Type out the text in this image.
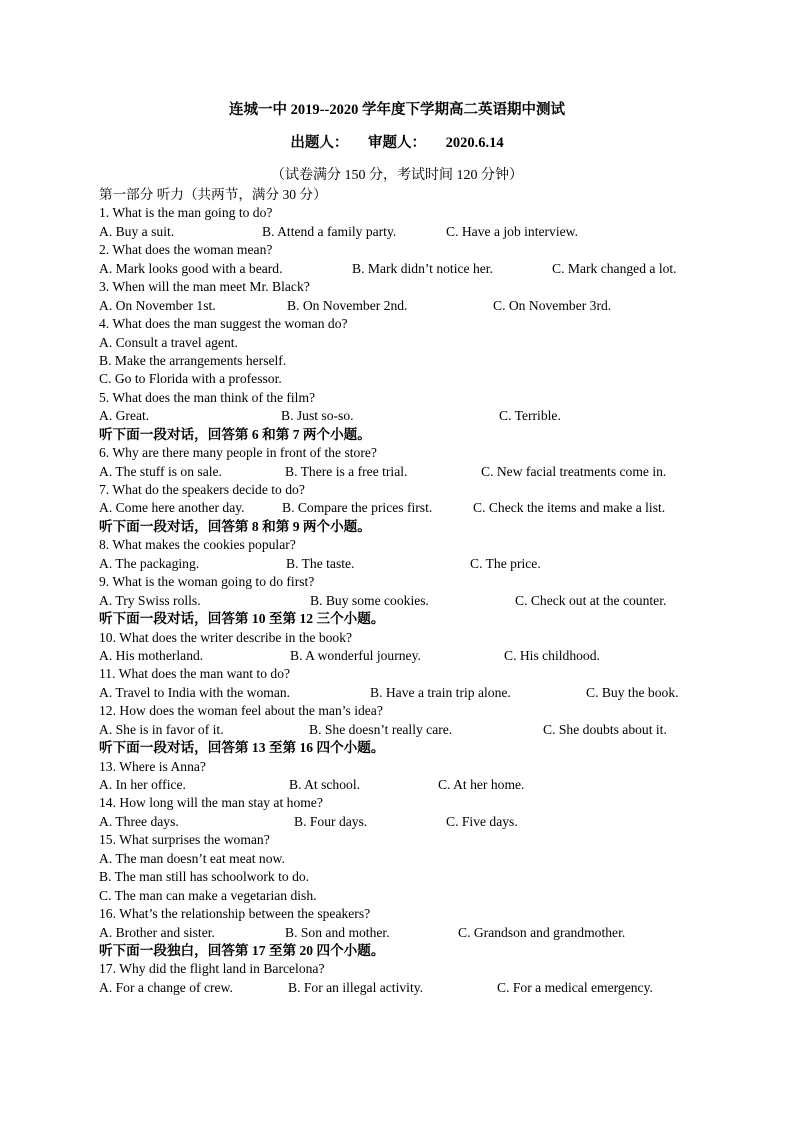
连城一中 2019--2020 学年度下学期高二英语期中测试
出题人： 审题人： 2020.6.14
（试卷满分 150 分，考试时间 120 分钟）
第一部分 听力（共两节，满分 30 分）
1. What is the man going to do?
A. Buy a suit.	B. Attend a family party.	C. Have a job interview.
2. What does the woman mean?
A. Mark looks good with a beard.	B. Mark didn’t notice her.	C. Mark changed a lot.
3. When will the man meet Mr. Black?
A. On November 1st.	B. On November 2nd.	C. On November 3rd.
4. What does the man suggest the woman do?
A. Consult a travel agent.
B. Make the arrangements herself.
C. Go to Florida with a professor.
5. What does the man think of the film?
A. Great.	B. Just so-so.	C. Terrible.
听下面一段对话，回答第 6 和第 7 两个小题。
6. Why are there many people in front of the store?
A. The stuff is on sale.	B. There is a free trial.	C. New facial treatments come in.
7. What do the speakers decide to do?
A. Come here another day.	B. Compare the prices first.	C. Check the items and make a list.
听下面一段对话，回答第 8 和第 9 两个小题。
8. What makes the cookies popular?
A. The packaging.	B. The taste.	C. The price.
9. What is the woman going to do first?
A. Try Swiss rolls.	B. Buy some cookies.	C. Check out at the counter.
听下面一段对话，回答第 10 至第 12 三个小题。
10. What does the writer describe in the book?
A. His motherland.	B. A wonderful journey.	C. His childhood.
11. What does the man want to do?
A. Travel to India with the woman.	B. Have a train trip alone.	C. Buy the book.
12. How does the woman feel about the man’s idea?
A. She is in favor of it.	B. She doesn’t really care.	C. She doubts about it.
听下面一段对话，回答第 13 至第 16 四个小题。
13. Where is Anna?
A. In her office.	B. At school.	C. At her home.
14. How long will the man stay at home?
A. Three days.	B. Four days.	C. Five days.
15. What surprises the woman?
A. The man doesn’t eat meat now.
B. The man still has schoolwork to do.
C. The man can make a vegetarian dish.
16. What’s the relationship between the speakers?
A. Brother and sister.	B. Son and mother.	C. Grandson and grandmother.
听下面一段独白，回答第 17 至第 20 四个小题。
17. Why did the flight land in Barcelona?
A. For a change of crew.	B. For an illegal activity.	C. For a medical emergency.
